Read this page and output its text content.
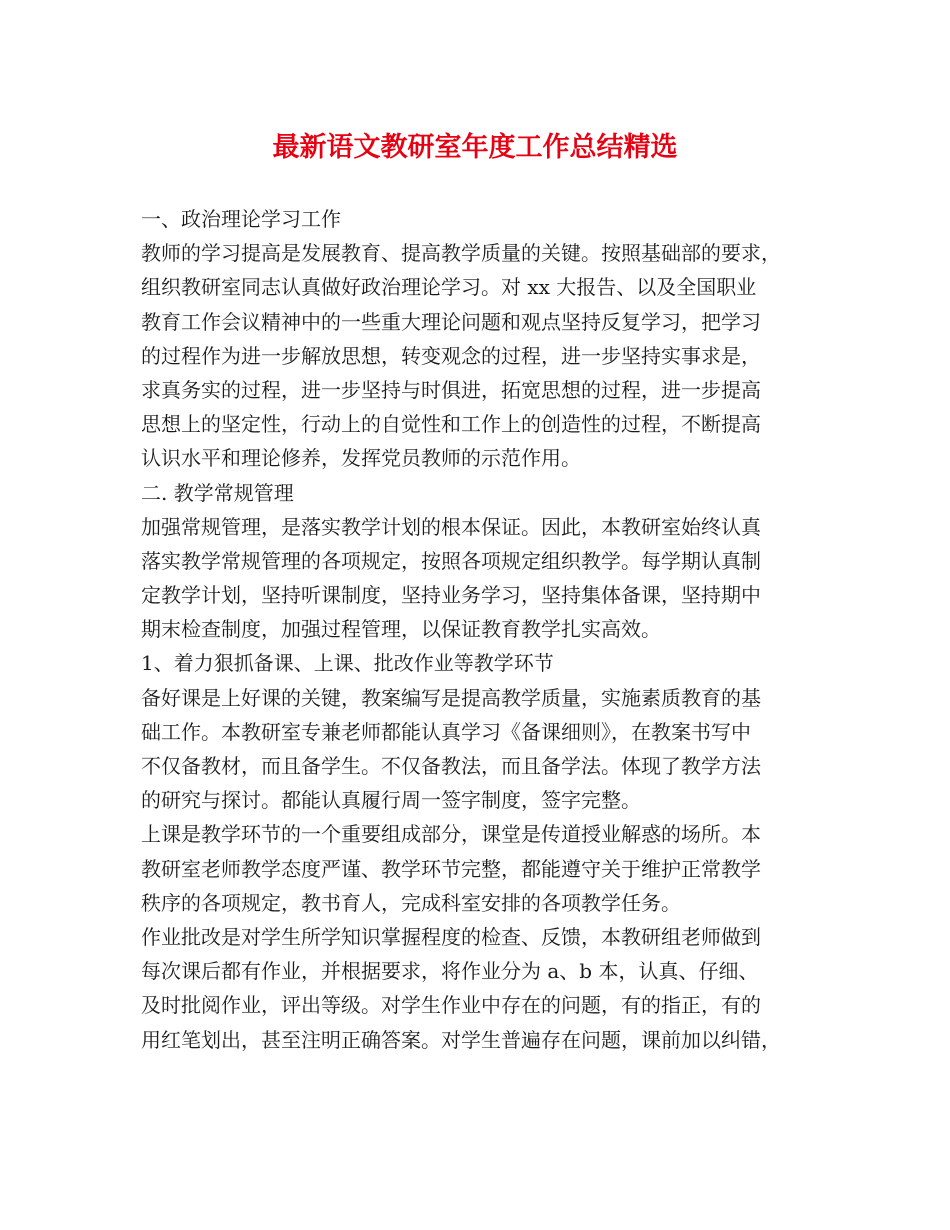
最新语文教研室年度工作总结精选
一、政治理论学习工作
教师的学习提高是发展教育、提高教学质量的关键。按照基础部的要求，
组织教研室同志认真做好政治理论学习。对 xx 大报告、以及全国职业
教育工作会议精神中的一些重大理论问题和观点坚持反复学习，把学习
的过程作为进一步解放思想，转变观念的过程，进一步坚持实事求是，
求真务实的过程，进一步坚持与时俱进，拓宽思想的过程，进一步提高
思想上的坚定性，行动上的自觉性和工作上的创造性的过程，不断提高
认识水平和理论修养，发挥党员教师的示范作用。
二. 教学常规管理
加强常规管理，是落实教学计划的根本保证。因此，本教研室始终认真
落实教学常规管理的各项规定，按照各项规定组织教学。每学期认真制
定教学计划，坚持听课制度，坚持业务学习，坚持集体备课，坚持期中
期末检查制度，加强过程管理，以保证教育教学扎实高效。
1、着力狠抓备课、上课、批改作业等教学环节
备好课是上好课的关键，教案编写是提高教学质量，实施素质教育的基
础工作。本教研室专兼老师都能认真学习《备课细则》，在教案书写中
不仅备教材，而且备学生。不仅备教法，而且备学法。体现了教学方法
的研究与探讨。都能认真履行周一签字制度，签字完整。
上课是教学环节的一个重要组成部分，课堂是传道授业解惑的场所。本
教研室老师教学态度严谨、教学环节完整，都能遵守关于维护正常教学
秩序的各项规定，教书育人，完成科室安排的各项教学任务。
作业批改是对学生所学知识掌握程度的检查、反馈，本教研组老师做到
每次课后都有作业，并根据要求，将作业分为 a、b 本，认真、仔细、
及时批阅作业，评出等级。对学生作业中存在的问题，有的指正，有的
用红笔划出，甚至注明正确答案。对学生普遍存在问题，课前加以纠错，
